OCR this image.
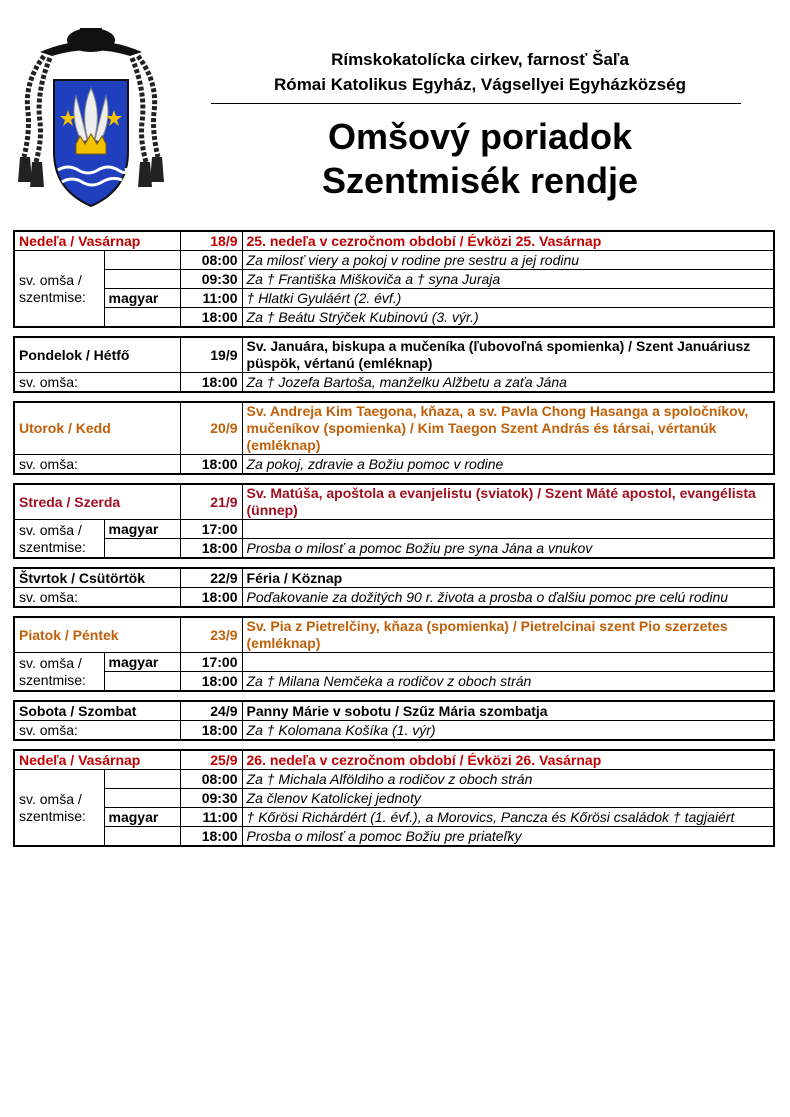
Rímskokatolícka cirkev, farnosť Šaľa
Római Katolikus Egyház, Vágsellyei Egyházközség
Omšový poriadok
Szentmisék rendje
Nedeľa / Vasárnap		18/9	25. nedeľa v cezročnom období / Évközi 25. Vasárnap
sv. omša /
szentmise:		08:00	Za milosť viery a pokoj v rodine pre sestru a jej rodinu
		09:30	Za † Františka Miškoviča a † syna Juraja
	magyar	11:00	† Hlatki Gyuláért (2. évf.)
		18:00	Za † Beátu Strýček Kubinovú (3. výr.)
Pondelok / Hétfő	19/9	Sv. Januára, biskupa a mučeníka (ľubovoľná spomienka) / Szent Januáriusz püspök, vértanú (emléknap)
sv. omša:	18:00	Za † Jozefa Bartoša, manželku Alžbetu a zaťa Jána
Utorok / Kedd	20/9	Sv. Andreja Kim Taegona, kňaza, a sv. Pavla Chong Hasanga a spoločníkov, mučeníkov (spomienka) / Kim Taegon Szent András és társai, vértanúk (emléknap)
sv. omša:	18:00	Za pokoj, zdravie a Božiu pomoc v rodine
Streda / Szerda		21/9	Sv. Matúša, apoštola a evanjelistu (sviatok) / Szent Máté apostol, evangélista (ünnep)
sv. omša /
szentmise:	magyar	17:00	
		18:00	Prosba o milosť a pomoc Božiu pre syna Jána a vnukov
Štvrtok / Csütörtök	22/9	Féria / Köznap
sv. omša:	18:00	Poďakovanie za dožitých 90 r. života a prosba o ďalšiu pomoc pre celú rodinu
Piatok / Péntek		23/9	Sv. Pia z Pietrelčiny, kňaza (spomienka) / Pietrelcinai szent Pio szerzetes (emléknap)
sv. omša /
szentmise:	magyar	17:00	
		18:00	Za † Milana Nemčeka a rodičov z oboch strán
Sobota / Szombat	24/9	Panny Márie v sobotu / Szűz Mária szombatja
sv. omša:	18:00	Za † Kolomana Košíka (1. výr)
Nedeľa / Vasárnap		25/9	26. nedeľa v cezročnom období / Évközi 26. Vasárnap
sv. omša /
szentmise:		08:00	Za † Michala Alföldiho a rodičov z oboch strán
		09:30	Za členov Katolíckej jednoty
	magyar	11:00	† Kőrösi Richárdért (1. évf.), a Morovics, Pancza és Kőrösi családok † tagjaiért
		18:00	Prosba o milosť a pomoc Božiu pre priateľky
